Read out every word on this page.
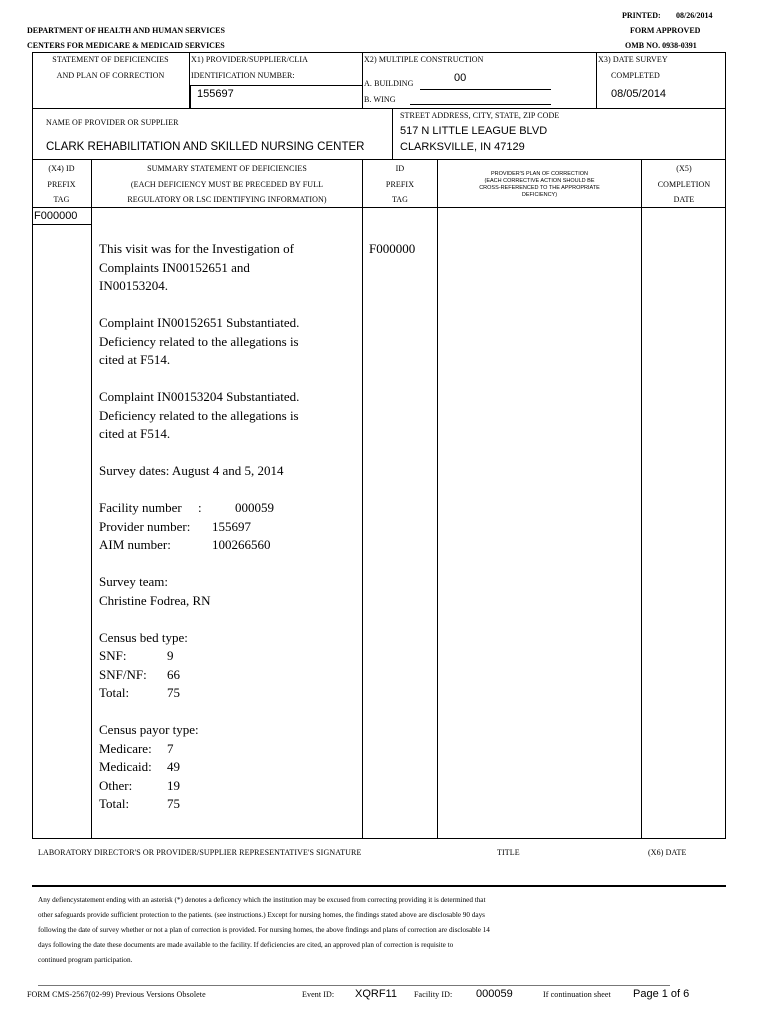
PRINTED: 08/26/2014
DEPARTMENT OF HEALTH AND HUMAN SERVICES	FORM APPROVED
CENTERS FOR MEDICARE & MEDICAID SERVICES	OMB NO. 0938-0391
STATEMENT OF DEFICIENCIES
AND PLAN OF CORRECTION
X1) PROVIDER/SUPPLIER/CLIA
IDENTIFICATION NUMBER:
155697
X2) MULTIPLE CONSTRUCTION
A. BUILDING	00
B. WING
X3) DATE SURVEY
COMPLETED
08/05/2014
NAME OF PROVIDER OR SUPPLIER
CLARK REHABILITATION AND SKILLED NURSING CENTER
STREET ADDRESS, CITY, STATE, ZIP CODE
517 N LITTLE LEAGUE BLVD
CLARKSVILLE, IN 47129
(X4) ID
PREFIX
TAG
SUMMARY STATEMENT OF DEFICIENCIES
(EACH DEFICIENCY MUST BE PRECEDED BY FULL
REGULATORY OR LSC IDENTIFYING INFORMATION)
ID
PREFIX
TAG
PROVIDER'S PLAN OF CORRECTION
(EACH CORRECTIVE ACTION SHOULD BE
CROSS-REFERENCED TO THE APPROPRIATE
DEFICIENCY)
(X5)
COMPLETION
DATE
F000000
F000000
This visit was for the Investigation of
Complaints IN00152651 and
IN00153204.
Complaint IN00152651 Substantiated.
Deficiency related to the allegations is
cited at F514.
Complaint IN00153204 Substantiated.
Deficiency related to the allegations is
cited at F514.
Survey dates: August 4 and 5, 2014
Facility number :	000059
Provider number: 155697
AIM number:	100266560
Survey team:
Christine Fodrea, RN
Census bed type:
SNF:	9
SNF/NF: 66
Total:	75
Census payor type:
Medicare: 7
Medicaid: 49
Other:	19
Total:	75
LABORATORY DIRECTOR'S OR PROVIDER/SUPPLIER REPRESENTATIVE'S SIGNATURE	TITLE	(X6) DATE
Any defiencystatement ending with an asterisk (*) denotes a deficency which the institution may be excused from correcting providing it is determined that
other safeguards provide sufficient protection to the patients. (see instructions.) Except for nursing homes, the findings stated above are disclosable 90 days
following the date of survey whether or not a plan of correction is provided. For nursing homes, the above findings and plans of correction are disclosable 14
days following the date these documents are made available to the facility. If deficiencies are cited, an approved plan of correction is requisite to
continued program participation.
FORM CMS-2567(02-99) Previous Versions Obsolete	Event ID: XQRF11 Facility ID: 000059	If continuation sheet Page 1 of 6
